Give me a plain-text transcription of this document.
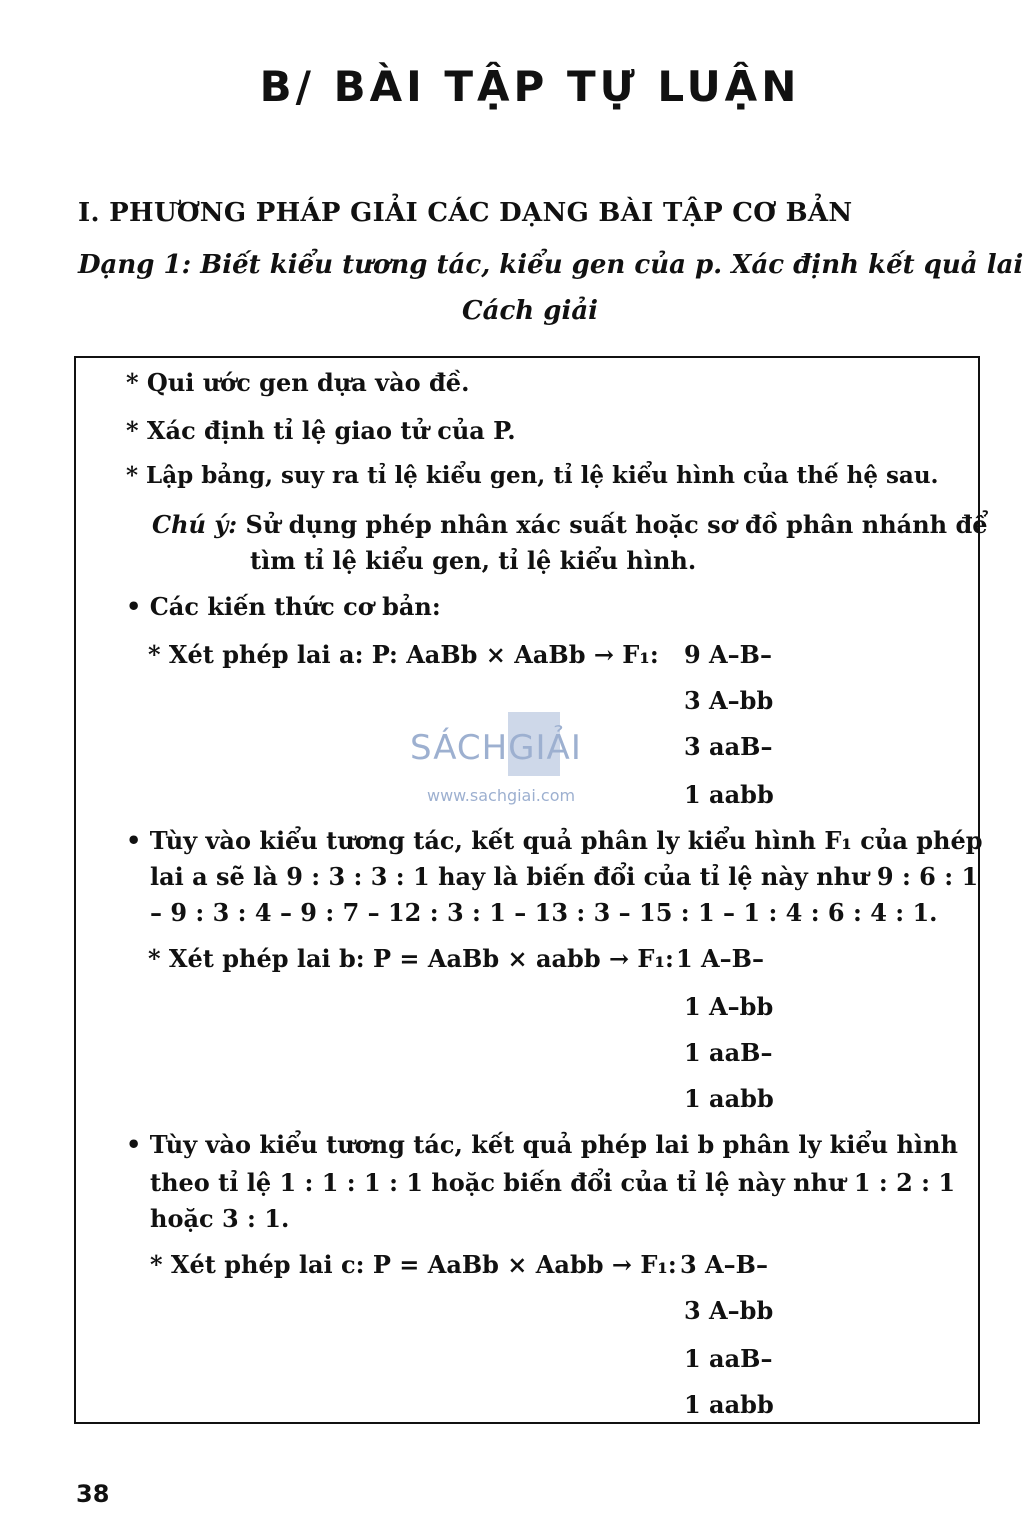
B/ BÀI TẬP TỰ LUẬN
I. PHƯƠNG PHÁP GIẢI CÁC DẠNG BÀI TẬP CƠ BẢN
Dạng 1: Biết kiểu tương tác, kiểu gen của p. Xác định kết quả lai
Cách giải
* Qui ước gen dựa vào đề.
* Xác định tỉ lệ giao tử của P.
* Lập bảng, suy ra tỉ lệ kiểu gen, tỉ lệ kiểu hình của thế hệ sau.
Chú ý: Sử dụng phép nhân xác suất hoặc sơ đồ phân nhánh để
tìm tỉ lệ kiểu gen, tỉ lệ kiểu hình.
• Các kiến thức cơ bản:
* Xét phép lai a: P: AaBb × AaBb → F₁: 9 A–B–
3 A–bb
3 aaB–
1 aabb
• Tùy vào kiểu tương tác, kết quả phân ly kiểu hình F₁ của phép
lai a sẽ là 9 : 3 : 3 : 1 hay là biến đổi của tỉ lệ này như 9 : 6 : 1
– 9 : 3 : 4 – 9 : 7 – 12 : 3 : 1 – 13 : 3 – 15 : 1 – 1 : 4 : 6 : 4 : 1.
* Xét phép lai b: P = AaBb × aabb → F₁: 1 A–B–
1 A–bb
1 aaB–
1 aabb
• Tùy vào kiểu tương tác, kết quả phép lai b phân ly kiểu hình
theo tỉ lệ 1 : 1 : 1 : 1 hoặc biến đổi của tỉ lệ này như 1 : 2 : 1
hoặc 3 : 1.
* Xét phép lai c: P = AaBb × Aabb → F₁: 3 A–B–
3 A–bb
1 aaB–
1 aabb
SÁCHGIẢI
www.sachgiai.com
38
